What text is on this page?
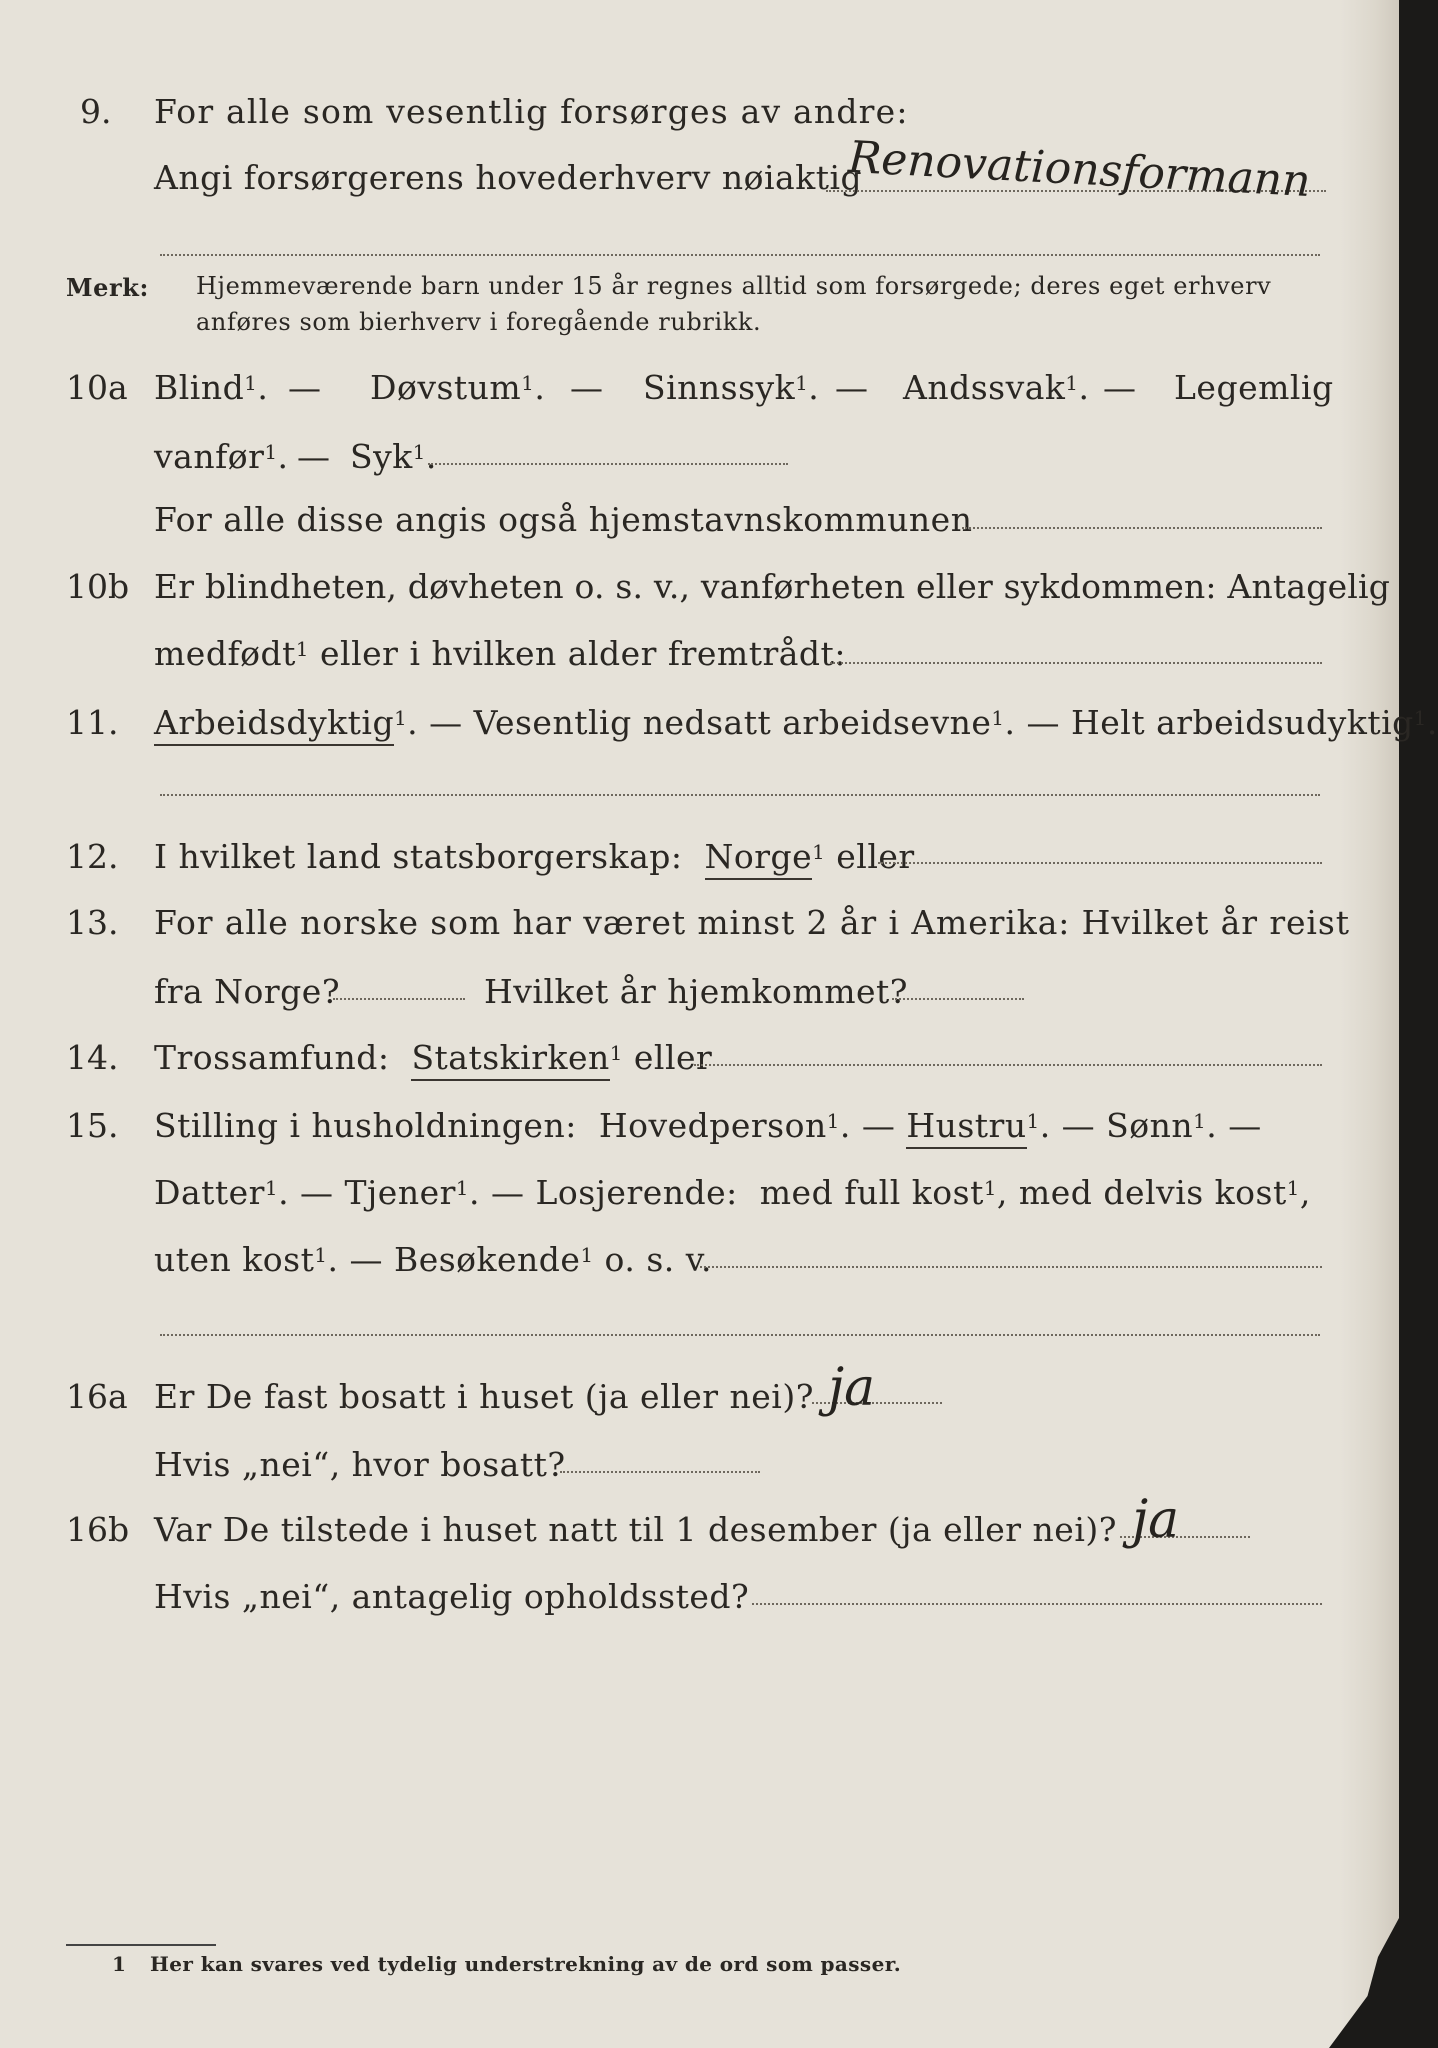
9. For alle som vesentlig forsørges av andre:
Angi forsørgerens hovederhverv nøiaktig
Renovationsformann
Merk: Hjemmeværende barn under 15 år regnes alltid som forsørgede; deres eget erhverv
anføres som bierhverv i foregående rubrikk.
10a Blind$^1$. — Døvstum$^1$. — Sinnssyk$^1$. — Andssvak$^1$. — Legemlig
vanfør$^1$. — Syk$^1$.
For alle disse angis også hjemstavnskommunen
10b Er blindheten, døvheten o. s. v., vanførheten eller sykdommen: Antagelig
medfødt$^1$ eller i hvilken alder fremtrådt:
11. Arbeidsdyktig$^1$. — Vesentlig nedsatt arbeidsevne$^1$. — Helt arbeidsudyktig$^1$.
12. I hvilket land statsborgerskap: Norge$^1$ eller
13. For alle norske som har været minst 2 år i Amerika: Hvilket år reist
fra Norge?	Hvilket år hjemkommet?
14. Trossamfund: Statskirken$^1$ eller
15. Stilling i husholdningen: Hovedperson$^1$. — Hustru$^1$. — Sønn$^1$. —
Datter$^1$. — Tjener$^1$. — Losjerende: med full kost$^1$, med delvis kost$^1$,
uten kost$^1$. — Besøkende$^1$ o. s. v.
16a Er De fast bosatt i huset (ja eller nei)? ja
Hvis „nei“, hvor bosatt?
16b Var De tilstede i huset natt til 1 desember (ja eller nei)? ja
Hvis „nei“, antagelig opholdssted?
1 Her kan svares ved tydelig understrekning av de ord som passer.
